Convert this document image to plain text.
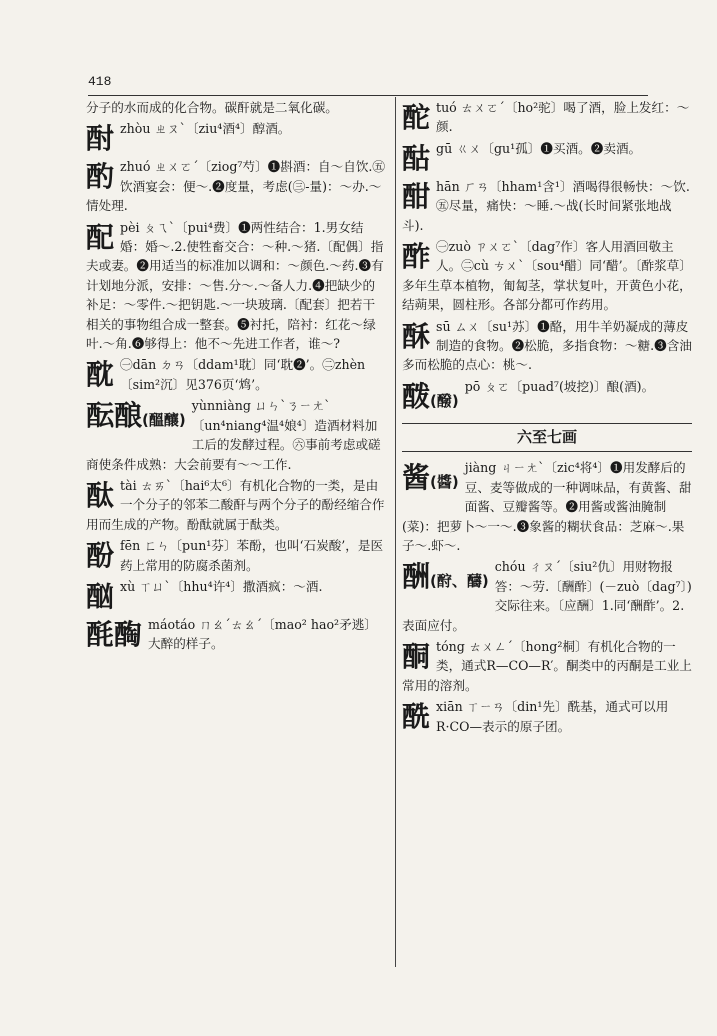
418

分子的水而成的化合物。碳酐就是二氧化碳。

酎 zhòu ㄓㄡˋ〔ziu⁴酒⁴〕醇酒。

酌 zhuó ㄓㄨㄛˊ〔ziog⁷芍〕❶斟酒：自～自饮.㊄饮酒宴会：便～.❷度量，考虑(㊂-量)：～办.～情处理.

配 pèi ㄆㄟˋ〔pui⁴费〕❶两性结合：1.男女结婚：婚～.2.使牲畜交合：～种.～猪.〔配偶〕指夫或妻。❷用适当的标准加以调和：～颜色.～药.❸有计划地分派，安排：～售.分～.～备人力.❹把缺少的补足：～零件.～把钥匙.～一块玻璃.〔配套〕把若干相关的事物组合成一整套。❺衬托，陪衬：红花～绿叶.～角.❻够得上：他不～先进工作者，谁～?

酖 ㊀dān ㄉㄢ〔ddam¹耽〕同‘耽❷’。㊁zhèn〔sim²沉〕见376页‘鸩’。

酝酿(醞釀)

yùnniàng ㄩㄣˋㄋㄧㄤˋ〔un⁴niang⁴温⁴娘⁴〕造酒材料加工后的发酵过程。㊅事前考虑或磋商使条件成熟：大会前要有～～工作.

酞 tài ㄊㄞˋ〔hai⁶太⁶〕有机化合物的一类，是由一个分子的邻苯二酸酐与两个分子的酚经缩合作用而生成的产物。酚酞就属于酞类。

酚 fēn ㄈㄣ〔pun¹芬〕苯酚，也叫‘石炭酸’，是医药上常用的防腐杀菌剂。

酗 xù ㄒㄩˋ〔hhu⁴许⁴〕撒酒疯：～酒.

酕醄 máotáo ㄇㄠˊㄊㄠˊ〔mao² hao²矛逃〕大醉的样子。

酡 tuó ㄊㄨㄛˊ〔ho²驼〕喝了酒，脸上发红：～颜.

酤 gū ㄍㄨ〔gu¹孤〕❶买酒。❷卖酒。

酣 hān ㄏㄢ〔hham¹含¹〕酒喝得很畅快：～饮.㊄尽量，痛快：～睡.～战(长时间紧张地战斗).

酢 ㊀zuò ㄗㄨㄛˋ〔dag⁷作〕客人用酒回敬主人。㊁cù ㄘㄨˋ〔sou⁴醋〕同‘醋’。〔酢浆草〕多年生草本植物，匍匐茎，掌状复叶，开黄色小花，结蒴果，圆柱形。各部分都可作药用。

酥 sū ㄙㄨ〔su¹苏〕❶酪，用牛羊奶凝成的薄皮制造的食物。❷松脆，多指食物：～糖.❸含油多而松脆的点心：桃～.

酦(醱)

pō ㄆㄛ〔puad⁷(坡挖)〕酿(酒)。

六至七画
酱(醬)

jiàng ㄐㄧㄤˋ〔zic⁴将⁴〕❶用发酵后的豆、麦等做成的一种调味品，有黄酱、甜面酱、豆瓣酱等。❷用酱或酱油腌制(菜)：把萝卜～一～.❸象酱的糊状食品：芝麻～.果子～.虾～.

酬(酧、醻)

chóu ㄔㄡˊ〔siu²仇〕用财物报答：～劳.〔酬酢〕(－zuò〔dag⁷〕)交际往来。〔应酬〕1.同‘酬酢’。2.表面应付。

酮 tóng ㄊㄨㄥˊ〔hong²桐〕有机化合物的一类，通式R—CO—R′。酮类中的丙酮是工业上常用的溶剂。

酰 xiān ㄒㄧㄢ〔din¹先〕酰基，通式可以用R·CO—表示的原子团。
